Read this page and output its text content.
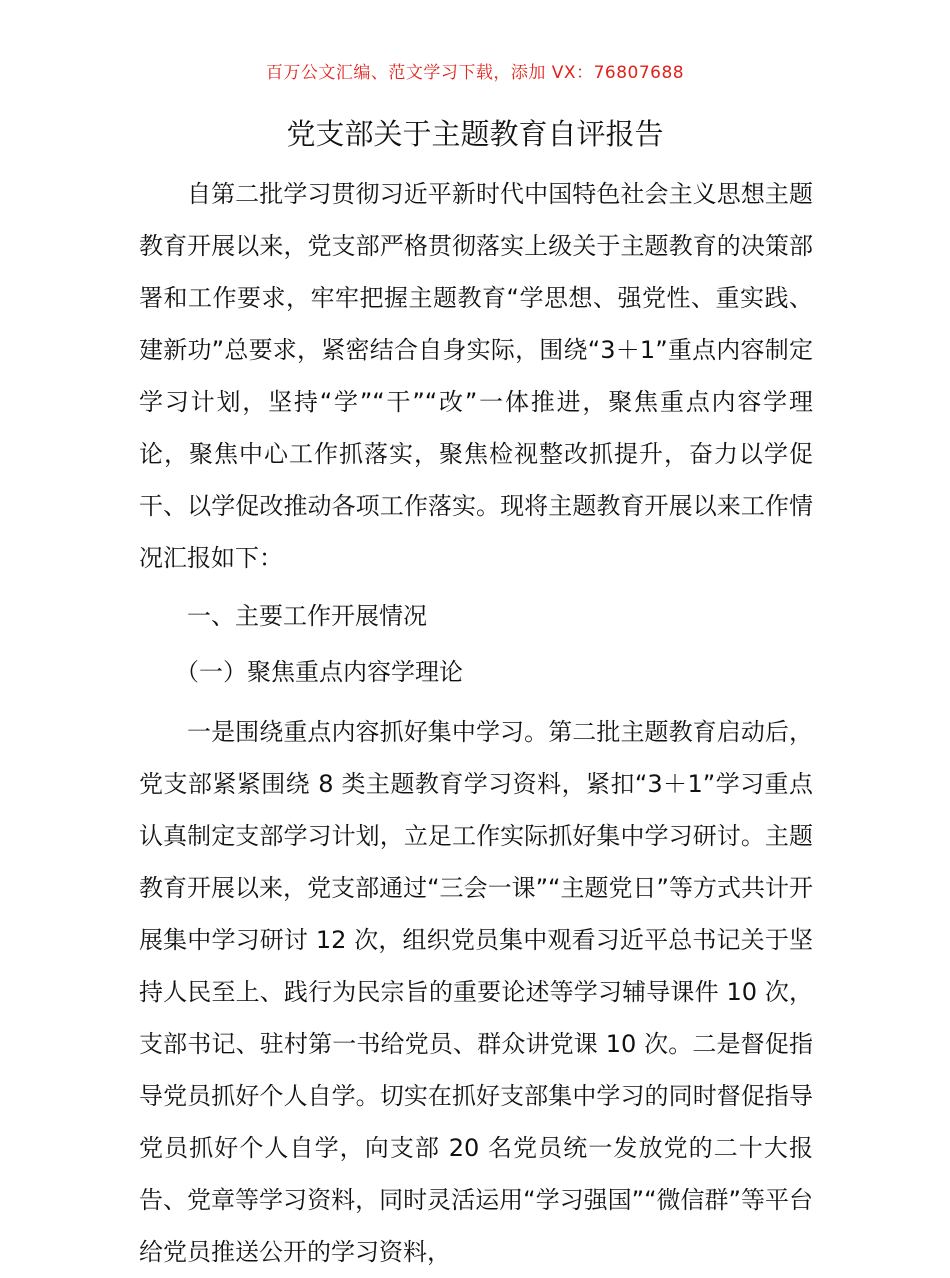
百万公文汇编、范文学习下载，添加 VX：76807688
党支部关于主题教育自评报告

自第二批学习贯彻习近平新时代中国特色社会主义思想主题教育开展以来，党支部严格贯彻落实上级关于主题教育的决策部署和工作要求，牢牢把握主题教育“学思想、强党性、重实践、建新功”总要求，紧密结合自身实际，围绕“3＋1”重点内容制定学习计划，坚持“学”“干”“改”一体推进，聚焦重点内容学理论，聚焦中心工作抓落实，聚焦检视整改抓提升，奋力以学促干、以学促改推动各项工作落实。现将主题教育开展以来工作情况汇报如下：

一、主要工作开展情况

（一）聚焦重点内容学理论

一是围绕重点内容抓好集中学习。第二批主题教育启动后，党支部紧紧围绕 8 类主题教育学习资料，紧扣“3＋1”学习重点认真制定支部学习计划，立足工作实际抓好集中学习研讨。主题教育开展以来，党支部通过“三会一课”“主题党日”等方式共计开展集中学习研讨 12 次，组织党员集中观看习近平总书记关于坚持人民至上、践行为民宗旨的重要论述等学习辅导课件 10 次，支部书记、驻村第一书给党员、群众讲党课 10 次。二是督促指导党员抓好个人自学。切实在抓好支部集中学习的同时督促指导党员抓好个人自学，向支部 20 名党员统一发放党的二十大报告、党章等学习资料，同时灵活运用“学习强国”“微信群”等平台给党员推送公开的学习资料，
